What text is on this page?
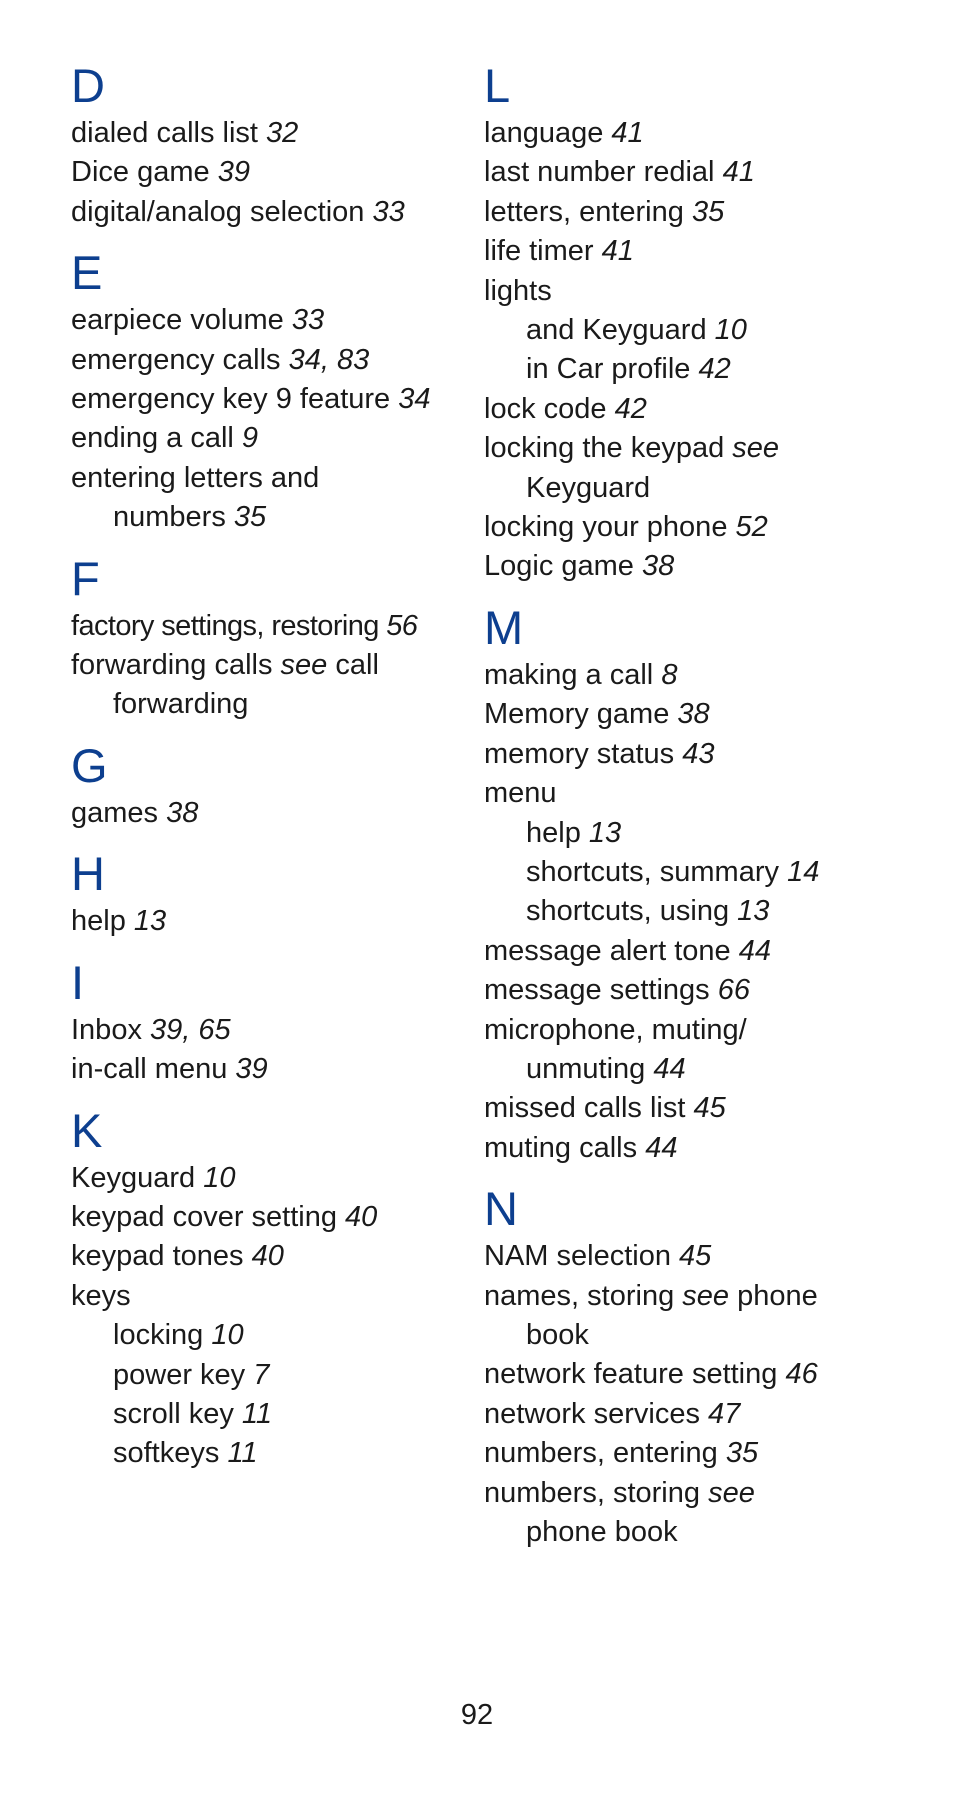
D
dialed calls list 32
Dice game 39
digital/analog selection 33
E
earpiece volume 33
emergency calls 34, 83
emergency key 9 feature 34
ending a call 9
entering letters and
numbers 35
F
factory settings, restoring 56
forwarding calls see call
forwarding
G
games 38
H
help 13
I
Inbox 39, 65
in-call menu 39
K
Keyguard 10
keypad cover setting 40
keypad tones 40
keys
locking 10
power key 7
scroll key 11
softkeys 11
L
language 41
last number redial 41
letters, entering 35
life timer 41
lights
and Keyguard 10
in Car profile 42
lock code 42
locking the keypad see
Keyguard
locking your phone 52
Logic game 38
M
making a call 8
Memory game 38
memory status 43
menu
help 13
shortcuts, summary 14
shortcuts, using 13
message alert tone 44
message settings 66
microphone, muting/
unmuting 44
missed calls list 45
muting calls 44
N
NAM selection 45
names, storing see phone
book
network feature setting 46
network services 47
numbers, entering 35
numbers, storing see
phone book
92
